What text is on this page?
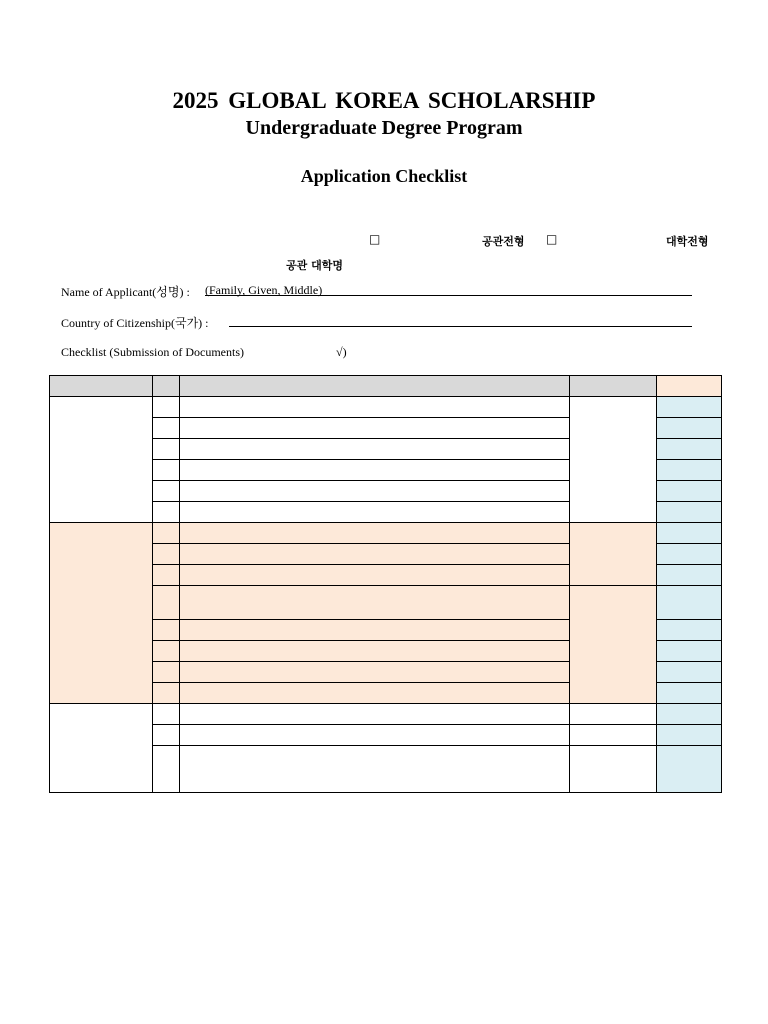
2025 GLOBAL KOREA SCHOLARSHIP
Undergraduate Degree Program
Application Checklist
□	공관전형 □	대학전형
공관 대학명
Name of Applicant(성명) : (Family, Given, Middle)
Country of Citizenship(국가) :
Checklist (Submission of Documents)	√)
